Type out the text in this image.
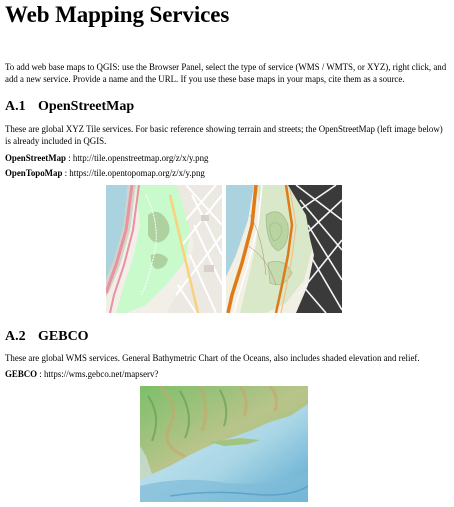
Web Mapping Services
To add web base maps to QGIS: use the Browser Panel, select the type of service (WMS / WMTS, or XYZ), right click, and add a new service. Provide a name and the URL. If you use these base maps in your maps, cite them as a source.
A.1 OpenStreetMap
These are global XYZ Tile services. For basic reference showing terrain and streets; the OpenStreetMap (left image below) is already included in QGIS.
OpenStreetMap : http://tile.openstreetmap.org/z/x/y.png
OpenTopoMap : https://tile.opentopomap.org/z/x/y.png
A.2 GEBCO
These are global WMS services. General Bathymetric Chart of the Oceans, also includes shaded elevation and relief.
GEBCO : https://wms.gebco.net/mapserv?
